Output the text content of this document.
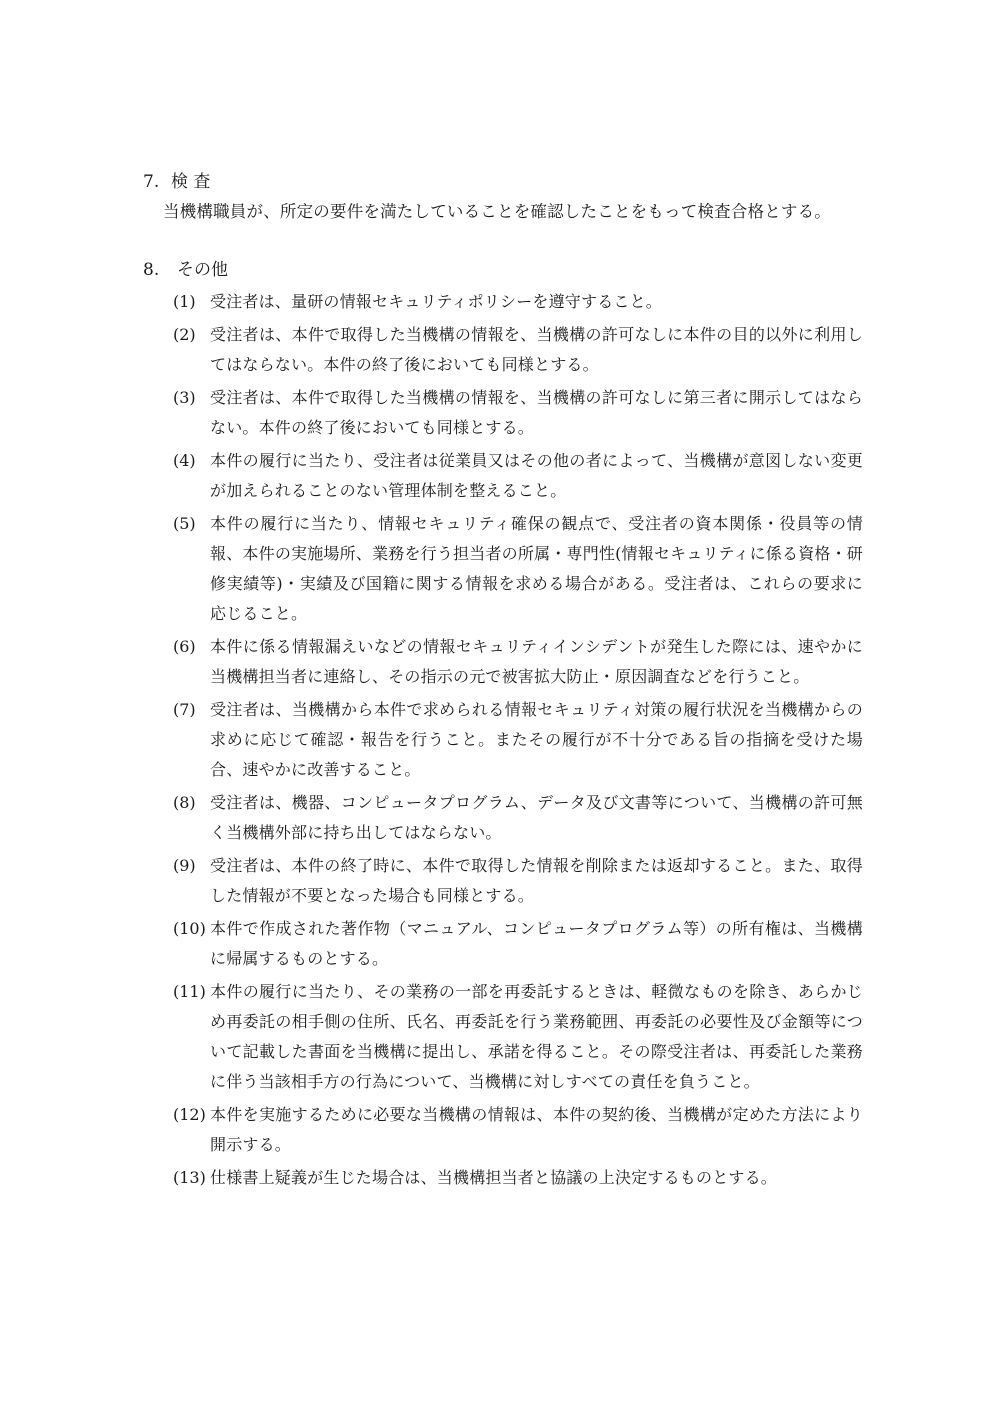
7. 検 査
当機構職員が、所定の要件を満たしていることを確認したことをもって検査合格とする。
8. その他
(1) 受注者は、量研の情報セキュリティポリシーを遵守すること。
(2) 受注者は、本件で取得した当機構の情報を、当機構の許可なしに本件の目的以外に利用してはならない。本件の終了後においても同様とする。
(3) 受注者は、本件で取得した当機構の情報を、当機構の許可なしに第三者に開示してはならない。本件の終了後においても同様とする。
(4) 本件の履行に当たり、受注者は従業員又はその他の者によって、当機構が意図しない変更が加えられることのない管理体制を整えること。
(5) 本件の履行に当たり、情報セキュリティ確保の観点で、受注者の資本関係・役員等の情報、本件の実施場所、業務を行う担当者の所属・専門性(情報セキュリティに係る資格・研修実績等)・実績及び国籍に関する情報を求める場合がある。受注者は、これらの要求に応じること。
(6) 本件に係る情報漏えいなどの情報セキュリティインシデントが発生した際には、速やかに当機構担当者に連絡し、その指示の元で被害拡大防止・原因調査などを行うこと。
(7) 受注者は、当機構から本件で求められる情報セキュリティ対策の履行状況を当機構からの求めに応じて確認・報告を行うこと。またその履行が不十分である旨の指摘を受けた場合、速やかに改善すること。
(8) 受注者は、機器、コンピュータプログラム、データ及び文書等について、当機構の許可無く当機構外部に持ち出してはならない。
(9) 受注者は、本件の終了時に、本件で取得した情報を削除または返却すること。また、取得した情報が不要となった場合も同様とする。
(10) 本件で作成された著作物（マニュアル、コンピュータプログラム等）の所有権は、当機構に帰属するものとする。
(11) 本件の履行に当たり、その業務の一部を再委託するときは、軽微なものを除き、あらかじめ再委託の相手側の住所、氏名、再委託を行う業務範囲、再委託の必要性及び金額等について記載した書面を当機構に提出し、承諾を得ること。その際受注者は、再委託した業務に伴う当該相手方の行為について、当機構に対しすべての責任を負うこと。
(12) 本件を実施するために必要な当機構の情報は、本件の契約後、当機構が定めた方法により開示する。
(13) 仕様書上疑義が生じた場合は、当機構担当者と協議の上決定するものとする。
